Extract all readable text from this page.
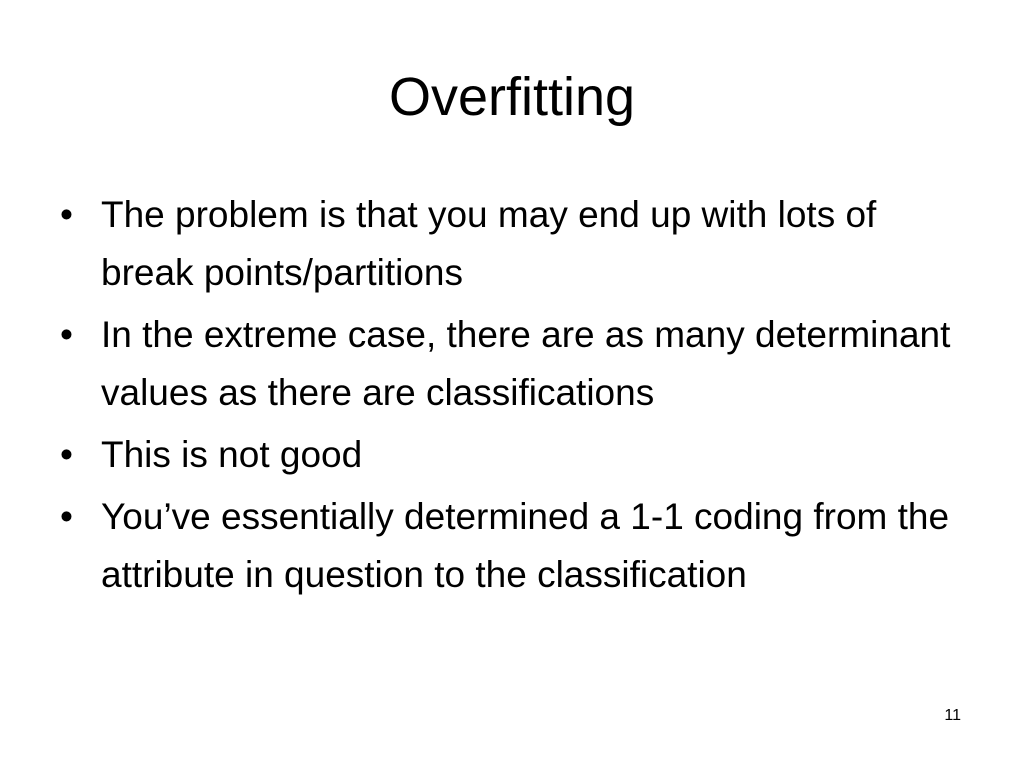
Overfitting
• The problem is that you may end up with lots of break points/partitions
• In the extreme case, there are as many determinant values as there are classifications
• This is not good
• You’ve essentially determined a 1-1 coding from the attribute in question to the classification
11
